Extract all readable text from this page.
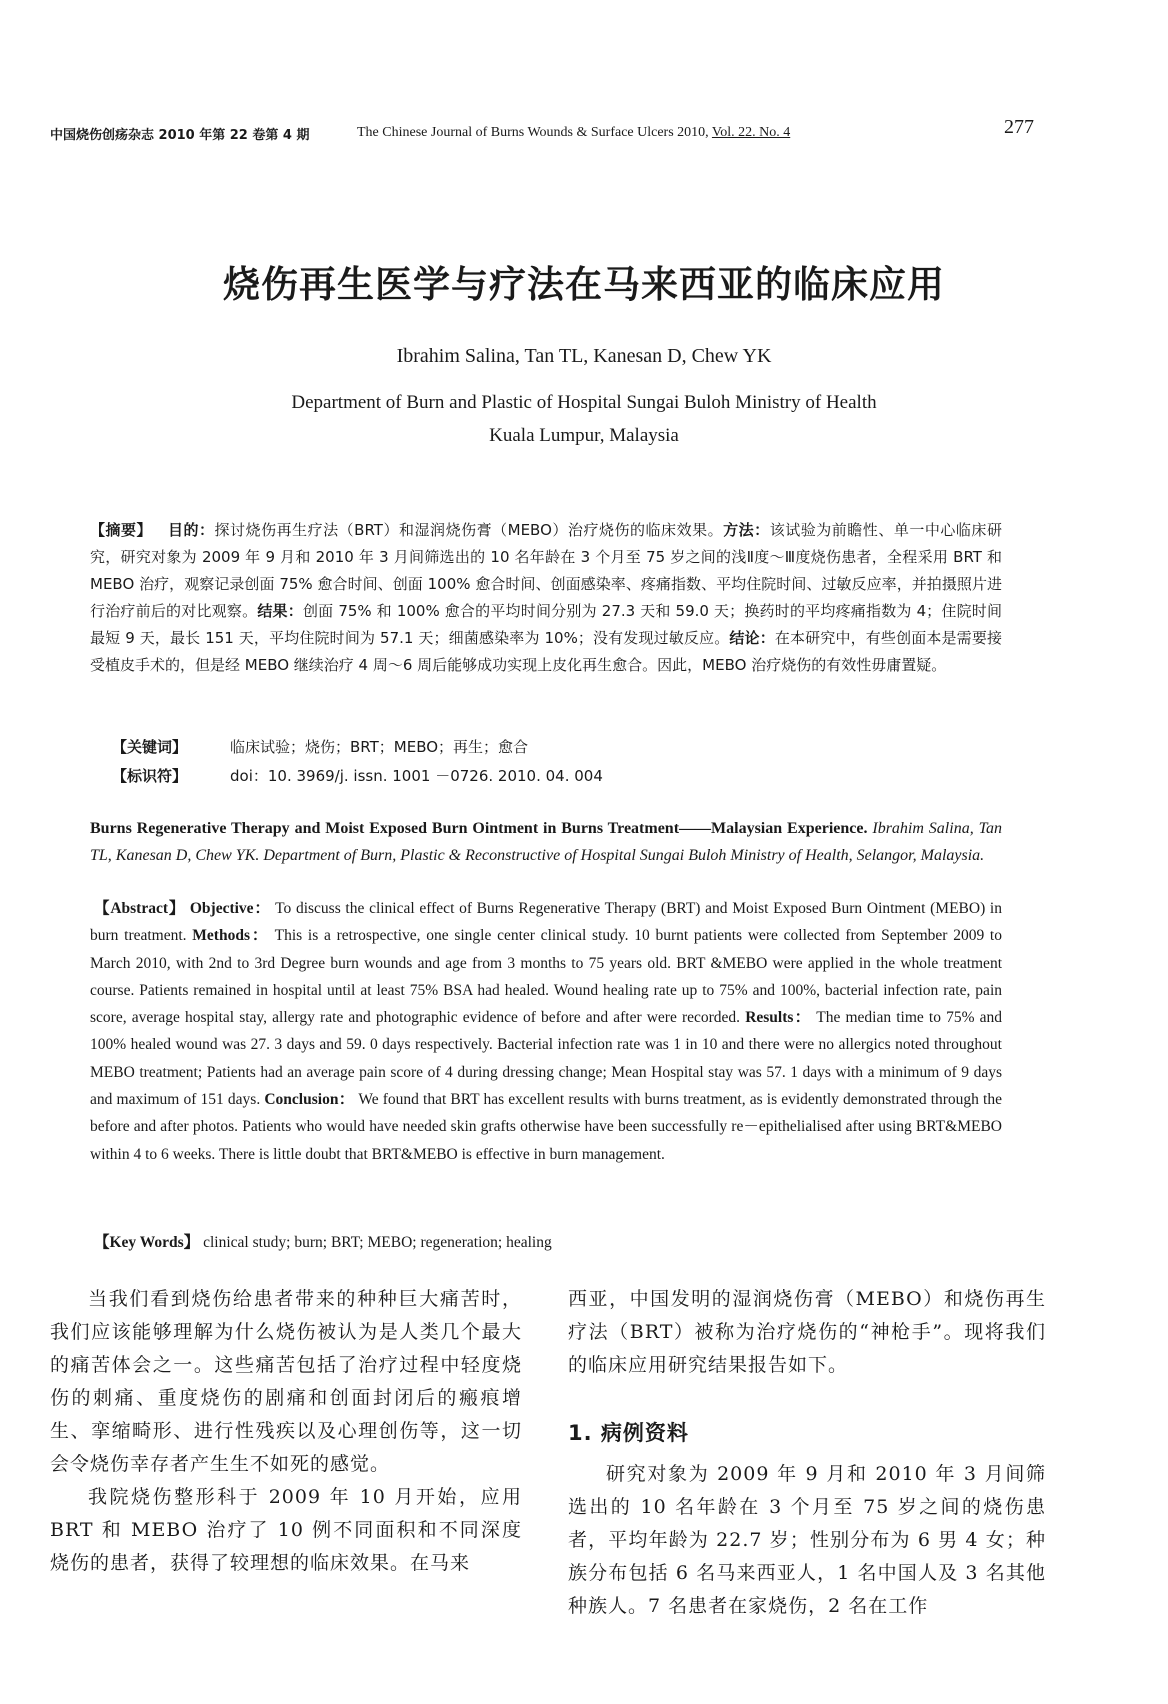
中国烧伤创疡杂志 2010 年第 22 卷第 4 期	The Chinese Journal of Burns Wounds & Surface Ulcers 2010, Vol. 22. No. 4	277
烧伤再生医学与疗法在马来西亚的临床应用
Ibrahim Salina, Tan TL, Kanesan D, Chew YK
Department of Burn and Plastic of Hospital Sungai Buloh Ministry of Health
Kuala Lumpur, Malaysia
【摘要】 目的：探讨烧伤再生疗法（BRT）和湿润烧伤膏（MEBO）治疗烧伤的临床效果。方法：该试验为前瞻性、单一中心临床研究，研究对象为 2009 年 9 月和 2010 年 3 月间筛选出的 10 名年龄在 3 个月至 75 岁之间的浅Ⅱ度～Ⅲ度烧伤患者，全程采用 BRT 和 MEBO 治疗，观察记录创面 75% 愈合时间、创面 100% 愈合时间、创面感染率、疼痛指数、平均住院时间、过敏反应率，并拍摄照片进行治疗前后的对比观察。结果：创面 75% 和 100% 愈合的平均时间分别为 27.3 天和 59.0 天；换药时的平均疼痛指数为 4；住院时间最短 9 天，最长 151 天，平均住院时间为 57.1 天；细菌感染率为 10%；没有发现过敏反应。结论：在本研究中，有些创面本是需要接受植皮手术的，但是经 MEBO 继续治疗 4 周～6 周后能够成功实现上皮化再生愈合。因此，MEBO 治疗烧伤的有效性毋庸置疑。
【关键词】	临床试验；烧伤；BRT；MEBO；再生；愈合
【标识符】	doi：10. 3969/j. issn. 1001 －0726. 2010. 04. 004
Burns Regenerative Therapy and Moist Exposed Burn Ointment in Burns Treatment——Malaysian Experience. Ibrahim Salina, Tan TL, Kanesan D, Chew YK. Department of Burn, Plastic & Reconstructive of Hospital Sungai Buloh Ministry of Health, Selangor, Malaysia.
【Abstract】 Objective： To discuss the clinical effect of Burns Regenerative Therapy (BRT) and Moist Exposed Burn Ointment (MEBO) in burn treatment. Methods： This is a retrospective, one single center clinical study. 10 burnt patients were collected from September 2009 to March 2010, with 2nd to 3rd Degree burn wounds and age from 3 months to 75 years old. BRT &MEBO were applied in the whole treatment course. Patients remained in hospital until at least 75% BSA had healed. Wound healing rate up to 75% and 100%, bacterial infection rate, pain score, average hospital stay, allergy rate and photographic evidence of before and after were recorded. Results： The median time to 75% and 100% healed wound was 27. 3 days and 59. 0 days respectively. Bacterial infection rate was 1 in 10 and there were no allergics noted throughout MEBO treatment; Patients had an average pain score of 4 during dressing change; Mean Hospital stay was 57. 1 days with a minimum of 9 days and maximum of 151 days. Conclusion： We found that BRT has excellent results with burns treatment, as is evidently demonstrated through the before and after photos. Patients who would have needed skin grafts otherwise have been successfully re－epithelialised after using BRT&MEBO within 4 to 6 weeks. There is little doubt that BRT&MEBO is effective in burn management.
【Key Words】 clinical study; burn; BRT; MEBO; regeneration; healing

当我们看到烧伤给患者带来的种种巨大痛苦时，我们应该能够理解为什么烧伤被认为是人类几个最大的痛苦体会之一。这些痛苦包括了治疗过程中轻度烧伤的刺痛、重度烧伤的剧痛和创面封闭后的瘢痕增生、挛缩畸形、进行性残疾以及心理创伤等，这一切会令烧伤幸存者产生生不如死的感觉。

我院烧伤整形科于 2009 年 10 月开始，应用 BRT 和 MEBO 治疗了 10 例不同面积和不同深度烧伤的患者，获得了较理想的临床效果。在马来

西亚，中国发明的湿润烧伤膏（MEBO）和烧伤再生疗法（BRT）被称为治疗烧伤的“神枪手”。现将我们的临床应用研究结果报告如下。

1. 病例资料

研究对象为 2009 年 9 月和 2010 年 3 月间筛选出的 10 名年龄在 3 个月至 75 岁之间的烧伤患者，平均年龄为 22.7 岁；性别分布为 6 男 4 女；种族分布包括 6 名马来西亚人，1 名中国人及 3 名其他种族人。7 名患者在家烧伤，2 名在工作
